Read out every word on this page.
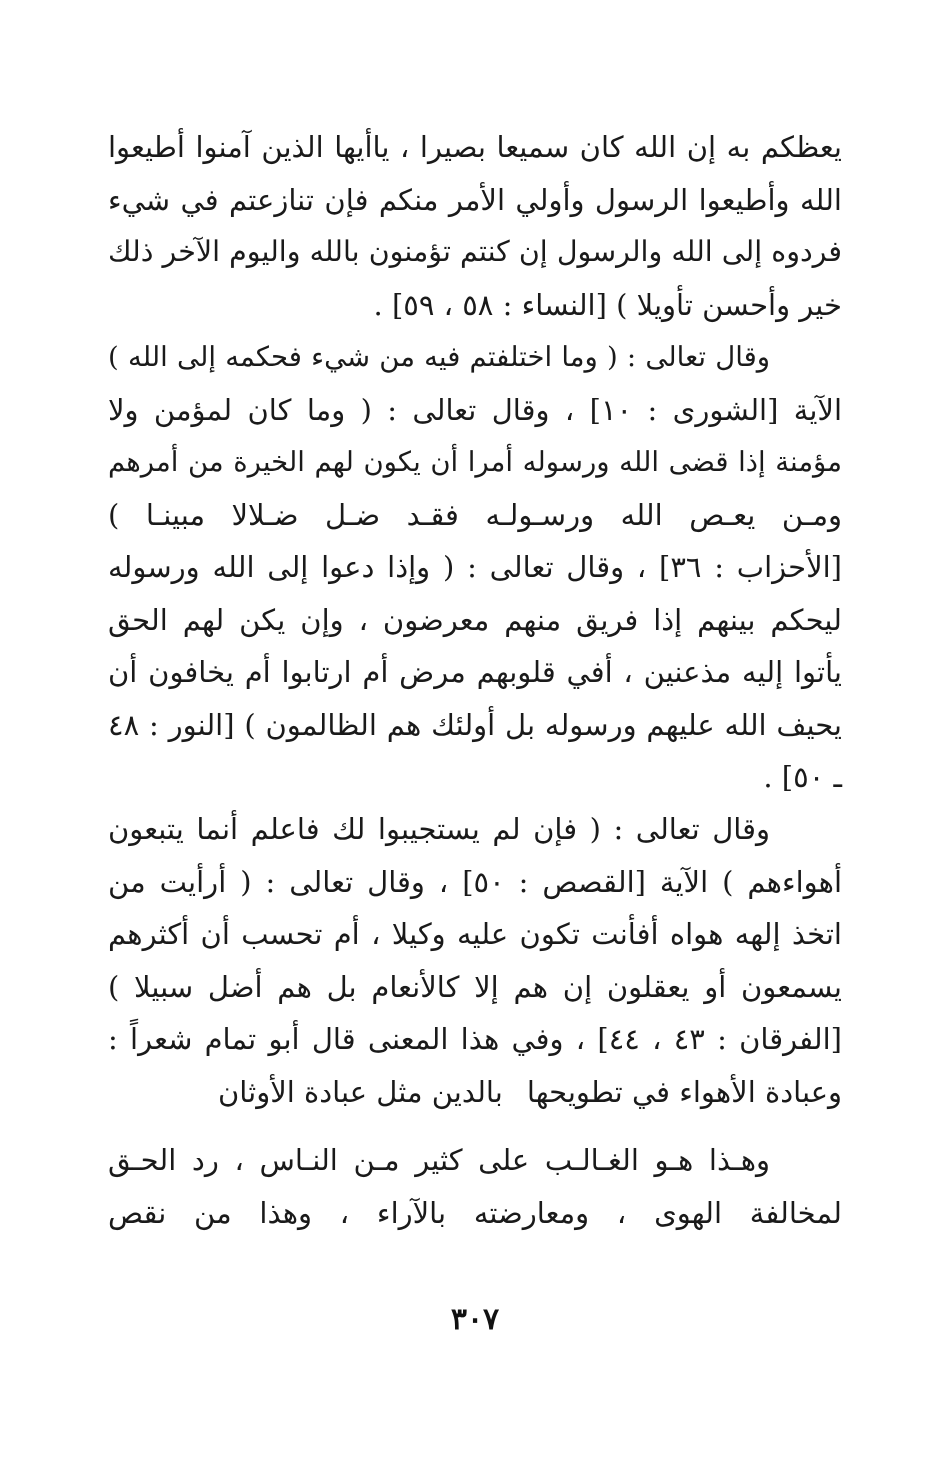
يعظكم به إن الله كان سميعا بصيرا ، ياأيها الذين آمنوا أطيعوا
الله وأطيعوا الرسول وأولي الأمر منكم فإن تنازعتم في شيء
فردوه إلى الله والرسول إن كنتم تؤمنون بالله واليوم الآخر ذلك
خير وأحسن تأويلا ) [النساء : ٥٨ ، ٥٩] .
وقال تعالى : ( وما اختلفتم فيه من شيء فحكمه إلى الله )
الآية [الشورى : ١٠] ، وقال تعالى : ( وما كان لمؤمن ولا
مؤمنة إذا قضى الله ورسوله أمرا أن يكون لهم الخيرة من أمرهم
ومـن يعـص الله ورسـولـه فقـد ضـل ضـلالا مبينـا )
[الأحزاب : ٣٦] ، وقال تعالى : ( وإذا دعوا إلى الله ورسوله
ليحكم بينهم إذا فريق منهم معرضون ، وإن يكن لهم الحق
يأتوا إليه مذعنين ، أفي قلوبهم مرض أم ارتابوا أم يخافون أن
يحيف الله عليهم ورسوله بل أولئك هم الظالمون ) [النور : ٤٨
ـ ٥٠] .
وقال تعالى : ( فإن لم يستجيبوا لك فاعلم أنما يتبعون
أهواءهم ) الآية [القصص : ٥٠] ، وقال تعالى : ( أرأيت من
اتخذ إلهه هواه أفأنت تكون عليه وكيلا ، أم تحسب أن أكثرهم
يسمعون أو يعقلون إن هم إلا كالأنعام بل هم أضل سبيلا )
[الفرقان : ٤٣ ، ٤٤] ، وفي هذا المعنى قال أبو تمام شعراً :
وعبادة الأهواء في تطويحها
بالدين مثل عبادة الأوثان
وهـذا هـو الغـالـب على كثير مـن النـاس ، رد الحـق
لمخالفة الهوى ، ومعارضته بالآراء ، وهذا من نقص
٣٠٧
